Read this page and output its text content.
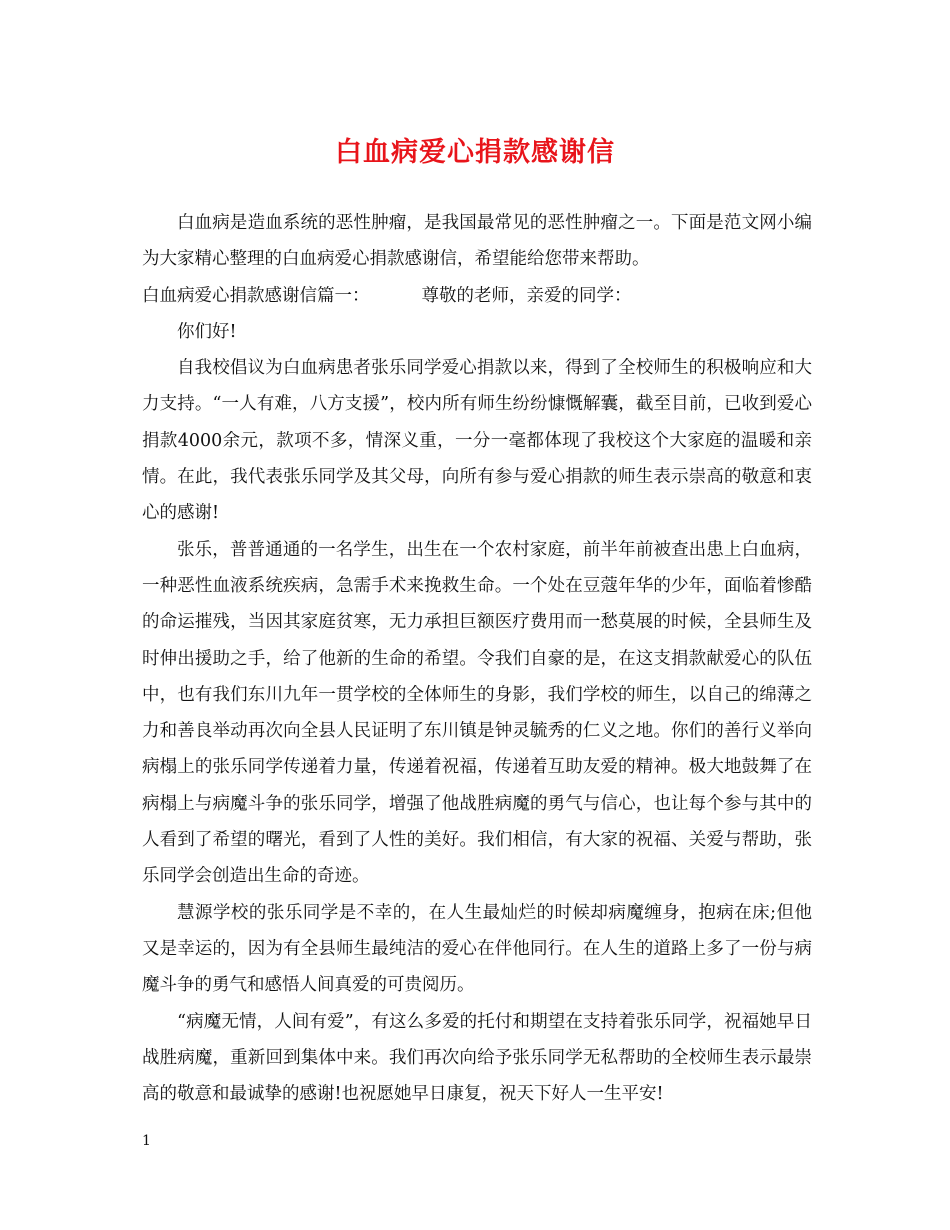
白血病爱心捐款感谢信

白血病是造血系统的恶性肿瘤，是我国最常见的恶性肿瘤之一。下面是范文网小编为大家精心整理的白血病爱心捐款感谢信，希望能给您带来帮助。

白血病爱心捐款感谢信篇一：	尊敬的老师，亲爱的同学：

你们好!

自我校倡议为白血病患者张乐同学爱心捐款以来，得到了全校师生的积极响应和大力支持。“一人有难，八方支援”，校内所有师生纷纷慷慨解囊，截至目前，已收到爱心捐款4000余元，款项不多，情深义重，一分一毫都体现了我校这个大家庭的温暖和亲情。在此，我代表张乐同学及其父母，向所有参与爱心捐款的师生表示崇高的敬意和衷心的感谢!

张乐，普普通通的一名学生，出生在一个农村家庭，前半年前被查出患上白血病，一种恶性血液系统疾病，急需手术来挽救生命。一个处在豆蔻年华的少年，面临着惨酷的命运摧残，当因其家庭贫寒，无力承担巨额医疗费用而一愁莫展的时候，全县师生及时伸出援助之手，给了他新的生命的希望。令我们自豪的是，在这支捐款献爱心的队伍中，也有我们东川九年一贯学校的全体师生的身影，我们学校的师生，以自己的绵薄之力和善良举动再次向全县人民证明了东川镇是钟灵毓秀的仁义之地。你们的善行义举向病榻上的张乐同学传递着力量，传递着祝福，传递着互助友爱的精神。极大地鼓舞了在病榻上与病魔斗争的张乐同学，增强了他战胜病魔的勇气与信心，也让每个参与其中的人看到了希望的曙光，看到了人性的美好。我们相信，有大家的祝福、关爱与帮助，张乐同学会创造出生命的奇迹。

慧源学校的张乐同学是不幸的，在人生最灿烂的时候却病魔缠身，抱病在床;但他又是幸运的，因为有全县师生最纯洁的爱心在伴他同行。在人生的道路上多了一份与病魔斗争的勇气和感悟人间真爱的可贵阅历。

“病魔无情，人间有爱”，有这么多爱的托付和期望在支持着张乐同学，祝福她早日战胜病魔，重新回到集体中来。我们再次向给予张乐同学无私帮助的全校师生表示最崇高的敬意和最诚挚的感谢!也祝愿她早日康复，祝天下好人一生平安!

1
